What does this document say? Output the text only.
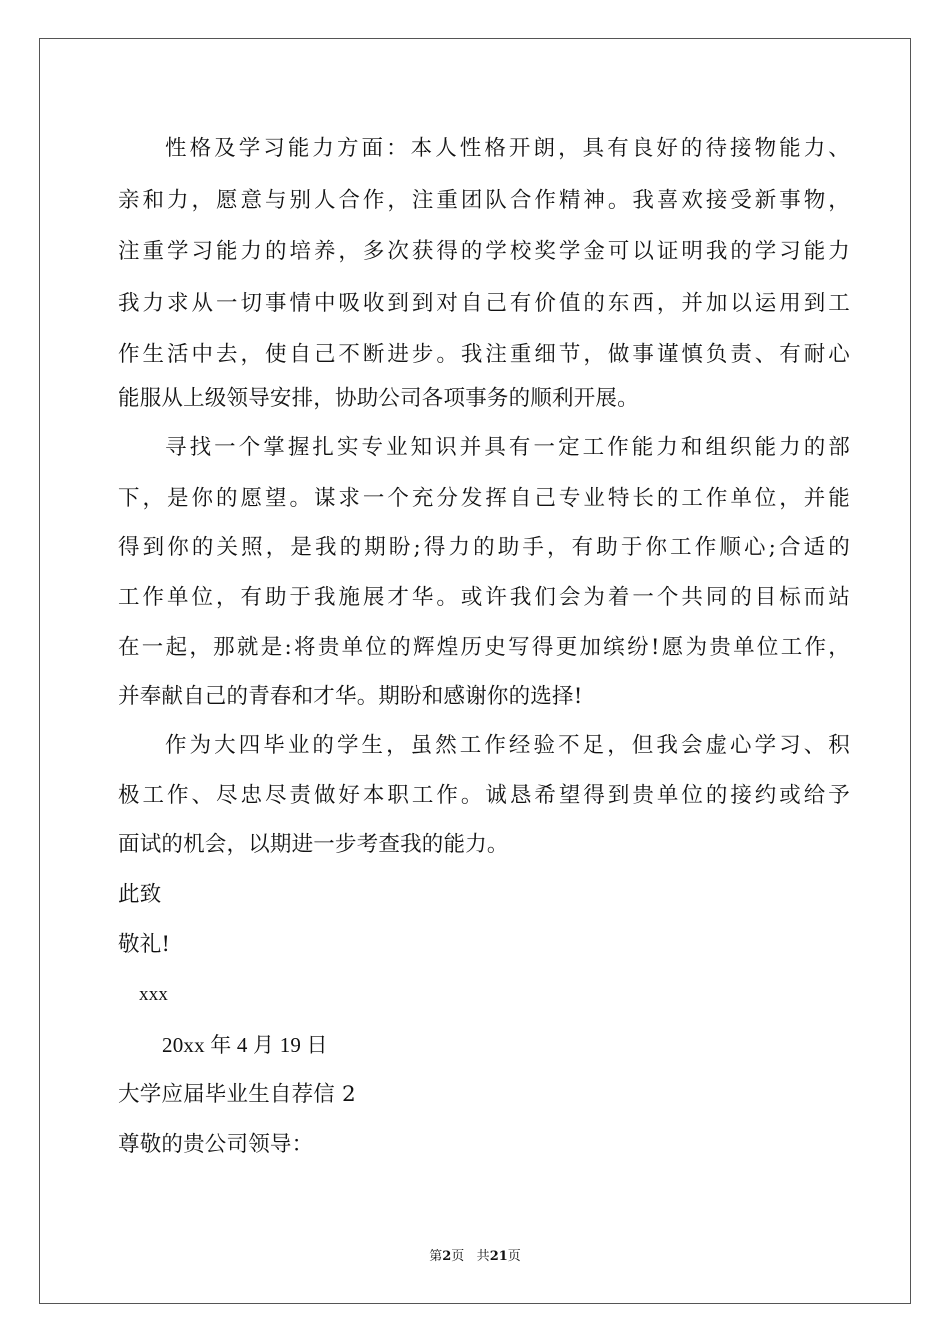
性格及学习能力方面：本人性格开朗，具有良好的待接物能力、
亲和力，愿意与别人合作，注重团队合作精神。我喜欢接受新事物，
注重学习能力的培养，多次获得的学校奖学金可以证明我的学习能力
我力求从一切事情中吸收到到对自己有价值的东西，并加以运用到工
作生活中去，使自己不断进步。我注重细节，做事谨慎负责、有耐心
能服从上级领导安排，协助公司各项事务的顺利开展。
寻找一个掌握扎实专业知识并具有一定工作能力和组织能力的部
下，是你的愿望。谋求一个充分发挥自己专业特长的工作单位，并能
得到你的关照，是我的期盼;得力的助手，有助于你工作顺心;合适的
工作单位，有助于我施展才华。或许我们会为着一个共同的目标而站
在一起，那就是:将贵单位的辉煌历史写得更加缤纷!愿为贵单位工作，
并奉献自己的青春和才华。期盼和感谢你的选择!
作为大四毕业的学生，虽然工作经验不足，但我会虚心学习、积
极工作、尽忠尽责做好本职工作。诚恳希望得到贵单位的接约或给予
面试的机会，以期进一步考查我的能力。
此致
敬礼!
xxx
20xx 年 4 月 19 日
大学应届毕业生自荐信 2
尊敬的贵公司领导：
第2页 共21页
